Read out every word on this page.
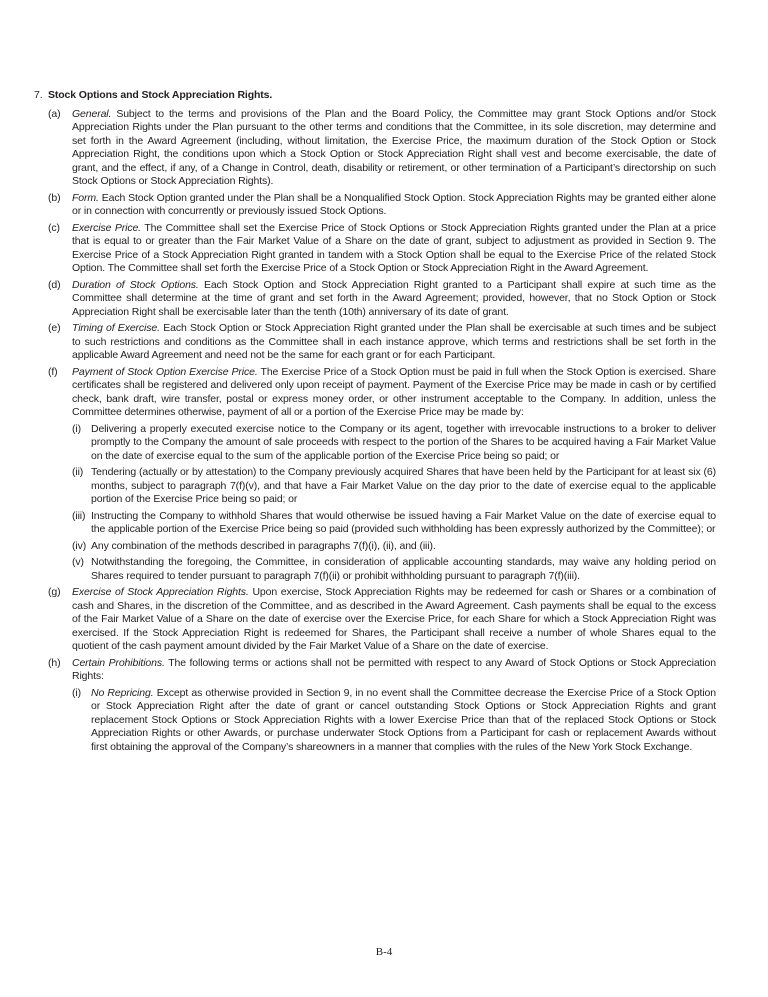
7. Stock Options and Stock Appreciation Rights.
(a)	General. Subject to the terms and provisions of the Plan and the Board Policy, the Committee may grant Stock Options and/or Stock Appreciation Rights under the Plan pursuant to the other terms and conditions that the Committee, in its sole discretion, may determine and set forth in the Award Agreement (including, without limitation, the Exercise Price, the maximum duration of the Stock Option or Stock Appreciation Right, the conditions upon which a Stock Option or Stock Appreciation Right shall vest and become exercisable, the date of grant, and the effect, if any, of a Change in Control, death, disability or retirement, or other termination of a Participant’s directorship on such Stock Options or Stock Appreciation Rights).
(b)	Form. Each Stock Option granted under the Plan shall be a Nonqualified Stock Option. Stock Appreciation Rights may be granted either alone or in connection with concurrently or previously issued Stock Options.
(c)	Exercise Price. The Committee shall set the Exercise Price of Stock Options or Stock Appreciation Rights granted under the Plan at a price that is equal to or greater than the Fair Market Value of a Share on the date of grant, subject to adjustment as provided in Section 9. The Exercise Price of a Stock Appreciation Right granted in tandem with a Stock Option shall be equal to the Exercise Price of the related Stock Option. The Committee shall set forth the Exercise Price of a Stock Option or Stock Appreciation Right in the Award Agreement.
(d)	Duration of Stock Options. Each Stock Option and Stock Appreciation Right granted to a Participant shall expire at such time as the Committee shall determine at the time of grant and set forth in the Award Agreement; provided, however, that no Stock Option or Stock Appreciation Right shall be exercisable later than the tenth (10th) anniversary of its date of grant.
(e)	Timing of Exercise. Each Stock Option or Stock Appreciation Right granted under the Plan shall be exercisable at such times and be subject to such restrictions and conditions as the Committee shall in each instance approve, which terms and restrictions shall be set forth in the applicable Award Agreement and need not be the same for each grant or for each Participant.
(f)	Payment of Stock Option Exercise Price. The Exercise Price of a Stock Option must be paid in full when the Stock Option is exercised. Share certificates shall be registered and delivered only upon receipt of payment. Payment of the Exercise Price may be made in cash or by certified check, bank draft, wire transfer, postal or express money order, or other instrument acceptable to the Company. In addition, unless the Committee determines otherwise, payment of all or a portion of the Exercise Price may be made by:
(i) Delivering a properly executed exercise notice to the Company or its agent, together with irrevocable instructions to a broker to deliver promptly to the Company the amount of sale proceeds with respect to the portion of the Shares to be acquired having a Fair Market Value on the date of exercise equal to the sum of the applicable portion of the Exercise Price being so paid; or
(ii) Tendering (actually or by attestation) to the Company previously acquired Shares that have been held by the Participant for at least six (6) months, subject to paragraph 7(f)(v), and that have a Fair Market Value on the day prior to the date of exercise equal to the applicable portion of the Exercise Price being so paid; or
(iii) Instructing the Company to withhold Shares that would otherwise be issued having a Fair Market Value on the date of exercise equal to the applicable portion of the Exercise Price being so paid (provided such withholding has been expressly authorized by the Committee); or
(iv) Any combination of the methods described in paragraphs 7(f)(i), (ii), and (iii).
(v) Notwithstanding the foregoing, the Committee, in consideration of applicable accounting standards, may waive any holding period on Shares required to tender pursuant to paragraph 7(f)(ii) or prohibit withholding pursuant to paragraph 7(f)(iii).
(g)	Exercise of Stock Appreciation Rights. Upon exercise, Stock Appreciation Rights may be redeemed for cash or Shares or a combination of cash and Shares, in the discretion of the Committee, and as described in the Award Agreement. Cash payments shall be equal to the excess of the Fair Market Value of a Share on the date of exercise over the Exercise Price, for each Share for which a Stock Appreciation Right was exercised. If the Stock Appreciation Right is redeemed for Shares, the Participant shall receive a number of whole Shares equal to the quotient of the cash payment amount divided by the Fair Market Value of a Share on the date of exercise.
(h)	Certain Prohibitions. The following terms or actions shall not be permitted with respect to any Award of Stock Options or Stock Appreciation Rights:
(i) No Repricing. Except as otherwise provided in Section 9, in no event shall the Committee decrease the Exercise Price of a Stock Option or Stock Appreciation Right after the date of grant or cancel outstanding Stock Options or Stock Appreciation Rights and grant replacement Stock Options or Stock Appreciation Rights with a lower Exercise Price than that of the replaced Stock Options or Stock Appreciation Rights or other Awards, or purchase underwater Stock Options from a Participant for cash or replacement Awards without first obtaining the approval of the Company’s shareowners in a manner that complies with the rules of the New York Stock Exchange.
B-4
